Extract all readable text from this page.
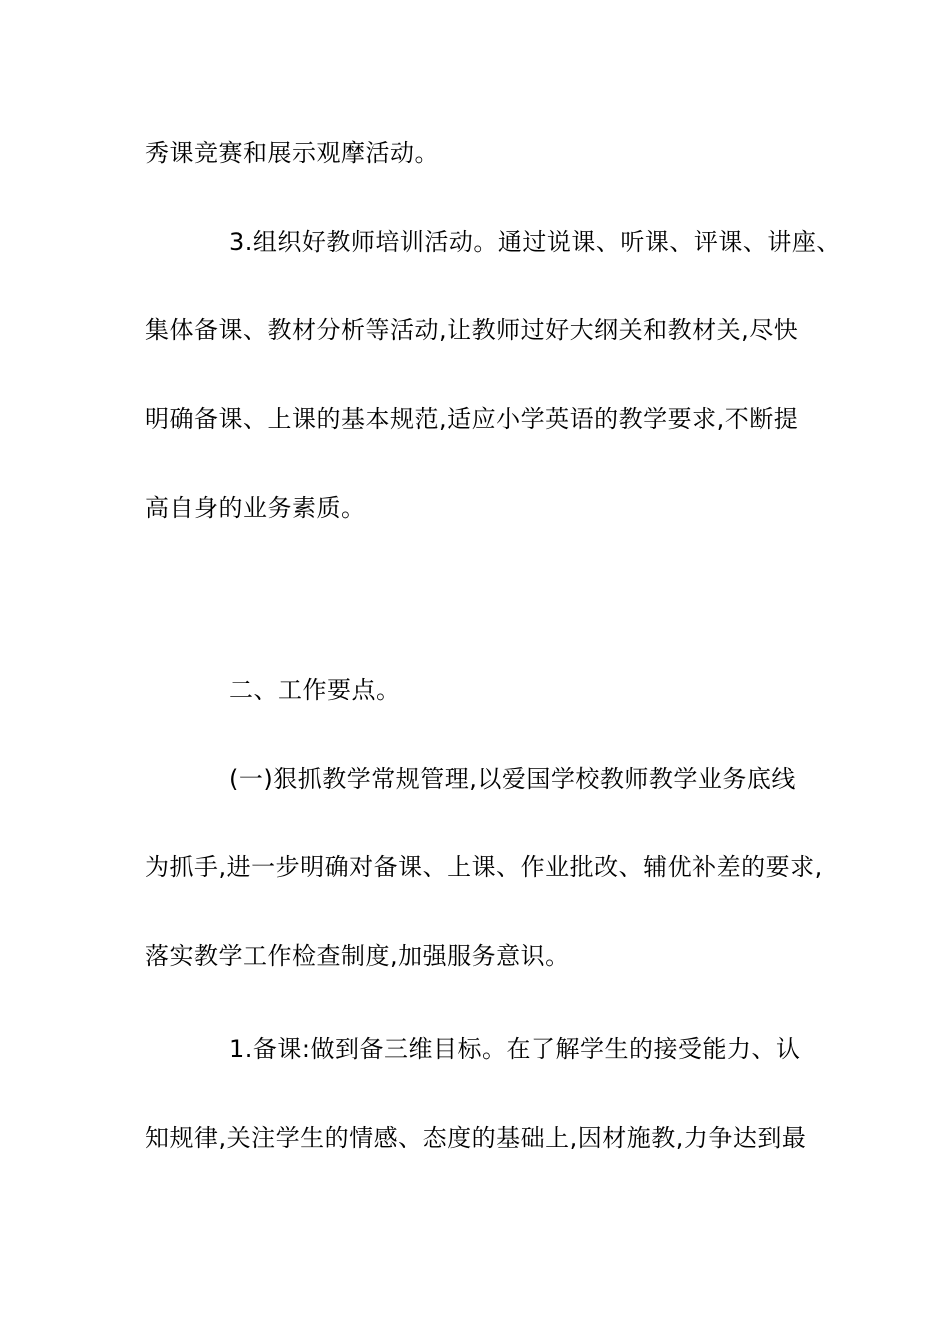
秀课竞赛和展示观摩活动。
3.组织好教师培训活动。通过说课、听课、评课、讲座、
集体备课、教材分析等活动,让教师过好大纲关和教材关,尽快
明确备课、上课的基本规范,适应小学英语的教学要求,不断提
高自身的业务素质。
二、工作要点。
(一)狠抓教学常规管理,以爱国学校教师教学业务底线
为抓手,进一步明确对备课、上课、作业批改、辅优补差的要求,
落实教学工作检查制度,加强服务意识。
1.备课:做到备三维目标。在了解学生的接受能力、认
知规律,关注学生的情感、态度的基础上,因材施教,力争达到最
